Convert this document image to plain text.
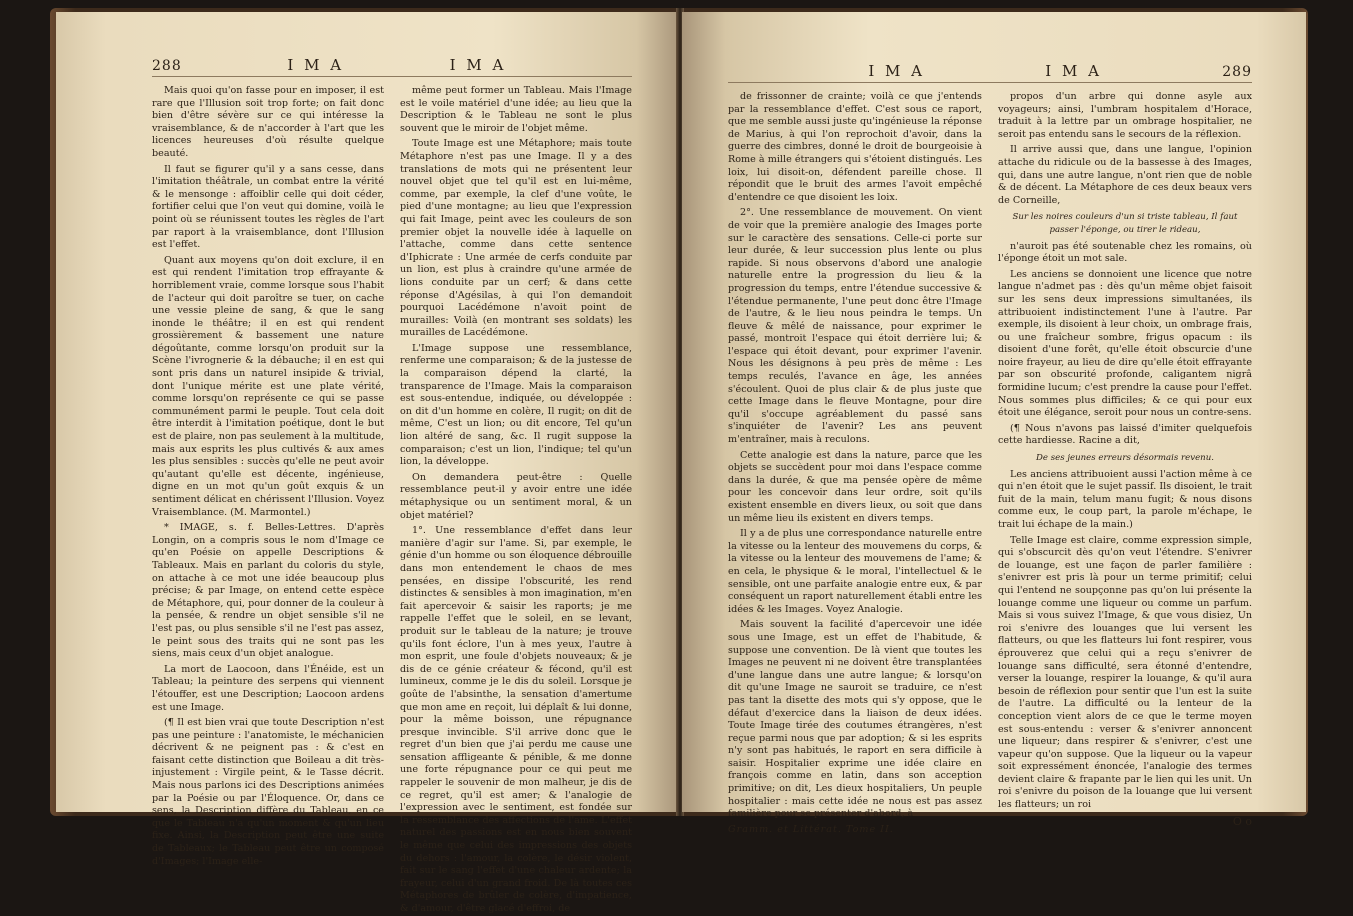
288	I M A	I M A

Mais quoi qu'on fasse pour en imposer, il est rare que l'Illusion soit trop forte; on fait donc bien d'être sévère sur ce qui intéresse la vraisemblance, & de n'accorder à l'art que les licences heureuses d'où résulte quelque beauté.

Il faut se figurer qu'il y a sans cesse, dans l'imitation théâtrale, un combat entre la vérité & le mensonge : affoiblir celle qui doit céder, fortifier celui que l'on veut qui domine, voilà le point où se réunissent toutes les règles de l'art par raport à la vraisemblance, dont l'Illusion est l'effet.

Quant aux moyens qu'on doit exclure, il en est qui rendent l'imitation trop effrayante & horriblement vraie, comme lorsque sous l'habit de l'acteur qui doit paroître se tuer, on cache une vessie pleine de sang, & que le sang inonde le théâtre; il en est qui rendent grossièrement & bassement une nature dégoûtante, comme lorsqu'on produit sur la Scène l'ivrognerie & la débauche; il en est qui sont pris dans un naturel insipide & trivial, dont l'unique mérite est une plate vérité, comme lorsqu'on représente ce qui se passe communément parmi le peuple. Tout cela doit être interdit à l'imitation poétique, dont le but est de plaire, non pas seulement à la multitude, mais aux esprits les plus cultivés & aux ames les plus sensibles : succès qu'elle ne peut avoir qu'autant qu'elle est décente, ingénieuse, digne en un mot qu'un goût exquis & un sentiment délicat en chérissent l'Illusion. Voyez Vraisemblance. (M. Marmontel.)

* IMAGE, s. f. Belles-Lettres. D'après Longin, on a compris sous le nom d'Image ce qu'en Poésie on appelle Descriptions & Tableaux. Mais en parlant du coloris du style, on attache à ce mot une idée beaucoup plus précise; & par Image, on entend cette espèce de Métaphore, qui, pour donner de la couleur à la pensée, & rendre un objet sensible s'il ne l'est pas, ou plus sensible s'il ne l'est pas assez, le peint sous des traits qui ne sont pas les siens, mais ceux d'un objet analogue.

La mort de Laocoon, dans l'Énéide, est un Tableau; la peinture des serpens qui viennent l'étouffer, est une Description; Laocoon ardens est une Image.

(¶ Il est bien vrai que toute Description n'est pas une peinture : l'anatomiste, le méchanicien décrivent & ne peignent pas : & c'est en faisant cette distinction que Boileau a dit très-injustement : Virgile peint, & le Tasse décrit. Mais nous parlons ici des Descriptions animées par la Poésie ou par l'Éloquence. Or, dans ce sens, la Description diffère du Tableau, en ce que le Tableau n'a qu'un moment & qu'un lieu fixe. Ainsi, la Description peut être une suite de Tableaux; le Tableau peut être un composé d'Images; l'Image elle-

même peut former un Tableau. Mais l'Image est le voile matériel d'une idée; au lieu que la Description & le Tableau ne sont le plus souvent que le miroir de l'objet même.

Toute Image est une Métaphore; mais toute Métaphore n'est pas une Image. Il y a des translations de mots qui ne présentent leur nouvel objet que tel qu'il est en lui-même, comme, par exemple, la clef d'une voûte, le pied d'une montagne; au lieu que l'expression qui fait Image, peint avec les couleurs de son premier objet la nouvelle idée à laquelle on l'attache, comme dans cette sentence d'Iphicrate : Une armée de cerfs conduite par un lion, est plus à craindre qu'une armée de lions conduite par un cerf; & dans cette réponse d'Agésilas, à qui l'on demandoit pourquoi Lacédémone n'avoit point de murailles: Voilà (en montrant ses soldats) les murailles de Lacédémone.

L'Image suppose une ressemblance, renferme une comparaison; & de la justesse de la comparaison dépend la clarté, la transparence de l'Image. Mais la comparaison est sous-entendue, indiquée, ou développée : on dit d'un homme en colère, Il rugit; on dit de même, C'est un lion; ou dit encore, Tel qu'un lion altéré de sang, &c. Il rugit suppose la comparaison; c'est un lion, l'indique; tel qu'un lion, la développe.

On demandera peut-être : Quelle ressemblance peut-il y avoir entre une idée métaphysique ou un sentiment moral, & un objet matériel?

1°. Une ressemblance d'effet dans leur manière d'agir sur l'ame. Si, par exemple, le génie d'un homme ou son éloquence débrouille dans mon entendement le chaos de mes pensées, en dissipe l'obscurité, les rend distinctes & sensibles à mon imagination, m'en fait apercevoir & saisir les raports; je me rappelle l'effet que le soleil, en se levant, produit sur le tableau de la nature; je trouve qu'ils font éclore, l'un à mes yeux, l'autre à mon esprit, une foule d'objets nouveaux; & je dis de ce génie créateur & fécond, qu'il est lumineux, comme je le dis du soleil. Lorsque je goûte de l'absinthe, la sensation d'amertume que mon ame en reçoit, lui déplaît & lui donne, pour la même boisson, une répugnance presque invincible. S'il arrive donc que le regret d'un bien que j'ai perdu me cause une sensation affligeante & pénible, & me donne une forte répugnance pour ce qui peut me rappeler le souvenir de mon malheur, je dis de ce regret, qu'il est amer; & l'analogie de l'expression avec le sentiment, est fondée sur la ressemblance des affections de l'ame. L'effet naturel des passions est en nous bien souvent le même que celui des impressions des objets du dehors : l'amour, la colère, le désir violent, fait sur le sang l'effet d'une chaleur ardente; la frayeur, celui d'un grand froid. De là toutes ces Métaphores de brûler de colère, d'impatience, & d'amour, d'être glacé d'effroi, de

I M A	I M A	289

de frissonner de crainte; voilà ce que j'entends par la ressemblance d'effet. C'est sous ce raport, que me semble aussi juste qu'ingénieuse la réponse de Marius, à qui l'on reprochoit d'avoir, dans la guerre des cimbres, donné le droit de bourgeoisie à Rome à mille étrangers qui s'étoient distingués. Les loix, lui disoit-on, défendent pareille chose. Il répondit que le bruit des armes l'avoit empêché d'entendre ce que disoient les loix.

2°. Une ressemblance de mouvement. On vient de voir que la première analogie des Images porte sur le caractère des sensations. Celle-ci porte sur leur durée, & leur succession plus lente ou plus rapide. Si nous observons d'abord une analogie naturelle entre la progression du lieu & la progression du temps, entre l'étendue successive & l'étendue permanente, l'une peut donc être l'Image de l'autre, & le lieu nous peindra le temps. Un fleuve & mêlé de naissance, pour exprimer le passé, montroit l'espace qui étoit derrière lui; & l'espace qui étoit devant, pour exprimer l'avenir. Nous les désignons à peu près de même : Les temps reculés, l'avance en âge, les années s'écoulent. Quoi de plus clair & de plus juste que cette Image dans le fleuve Montagne, pour dire qu'il s'occupe agréablement du passé sans s'inquiéter de l'avenir? Les ans peuvent m'entraîner, mais à reculons.

Cette analogie est dans la nature, parce que les objets se succèdent pour moi dans l'espace comme dans la durée, & que ma pensée opère de même pour les concevoir dans leur ordre, soit qu'ils existent ensemble en divers lieux, ou soit que dans un même lieu ils existent en divers temps.

Il y a de plus une correspondance naturelle entre la vitesse ou la lenteur des mouvemens du corps, & la vitesse ou la lenteur des mouvemens de l'ame; & en cela, le physique & le moral, l'intellectuel & le sensible, ont une parfaite analogie entre eux, & par conséquent un raport naturellement établi entre les idées & les Images. Voyez Analogie.

Mais souvent la facilité d'apercevoir une idée sous une Image, est un effet de l'habitude, & suppose une convention. De là vient que toutes les Images ne peuvent ni ne doivent être transplantées d'une langue dans une autre langue; & lorsqu'on dit qu'une Image ne sauroit se traduire, ce n'est pas tant la disette des mots qui s'y oppose, que le défaut d'exercice dans la liaison de deux idées. Toute Image tirée des coutumes étrangères, n'est reçue parmi nous que par adoption; & si les esprits n'y sont pas habitués, le raport en sera difficile à saisir. Hospitalier exprime une idée claire en françois comme en latin, dans son acception primitive; on dit, Les dieux hospitaliers, Un peuple hospitalier : mais cette idée ne nous est pas assez familière pour se présenter d'abord, à

Gramm. et Littérat. Tome II.

propos d'un arbre qui donne asyle aux voyageurs; ainsi, l'umbram hospitalem d'Horace, traduit à la lettre par un ombrage hospitalier, ne seroit pas entendu sans le secours de la réflexion.

Il arrive aussi que, dans une langue, l'opinion attache du ridicule ou de la bassesse à des Images, qui, dans une autre langue, n'ont rien que de noble & de décent. La Métaphore de ces deux beaux vers de Corneille,

Sur les noires couleurs d'un si triste tableau, Il faut passer l'éponge, ou tirer le rideau,

n'auroit pas été soutenable chez les romains, où l'éponge étoit un mot sale.

Les anciens se donnoient une licence que notre langue n'admet pas : dès qu'un même objet faisoit sur les sens deux impressions simultanées, ils attribuoient indistinctement l'une à l'autre. Par exemple, ils disoient à leur choix, un ombrage frais, ou une fraîcheur sombre, frigus opacum : ils disoient d'une forêt, qu'elle étoit obscurcie d'une noire frayeur, au lieu de dire qu'elle étoit effrayante par son obscurité profonde, caligantem nigrâ formidine lucum; c'est prendre la cause pour l'effet. Nous sommes plus difficiles; & ce qui pour eux étoit une élégance, seroit pour nous un contre-sens.

(¶ Nous n'avons pas laissé d'imiter quelquefois cette hardiesse. Racine a dit,

De ses jeunes erreurs désormais revenu.

Les anciens attribuoient aussi l'action même à ce qui n'en étoit que le sujet passif. Ils disoient, le trait fuit de la main, telum manu fugit; & nous disons comme eux, le coup part, la parole m'échape, le trait lui échape de la main.)

Telle Image est claire, comme expression simple, qui s'obscurcit dès qu'on veut l'étendre. S'enivrer de louange, est une façon de parler familière : s'enivrer est pris là pour un terme primitif; celui qui l'entend ne soupçonne pas qu'on lui présente la louange comme une liqueur ou comme un parfum. Mais si vous suivez l'Image, & que vous disiez, Un roi s'enivre des louanges que lui versent les flatteurs, ou que les flatteurs lui font respirer, vous éprouverez que celui qui a reçu s'enivrer de louange sans difficulté, sera étonné d'entendre, verser la louange, respirer la louange, & qu'il aura besoin de réflexion pour sentir que l'un est la suite de l'autre. La difficulté ou la lenteur de la conception vient alors de ce que le terme moyen est sous-entendu : verser & s'enivrer annoncent une liqueur; dans respirer & s'enivrer, c'est une vapeur qu'on suppose. Que la liqueur ou la vapeur soit expressément énoncée, l'analogie des termes devient claire & frapante par le lien qui les unit. Un roi s'enivre du poison de la louange que lui versent les flatteurs; un roi

O o
